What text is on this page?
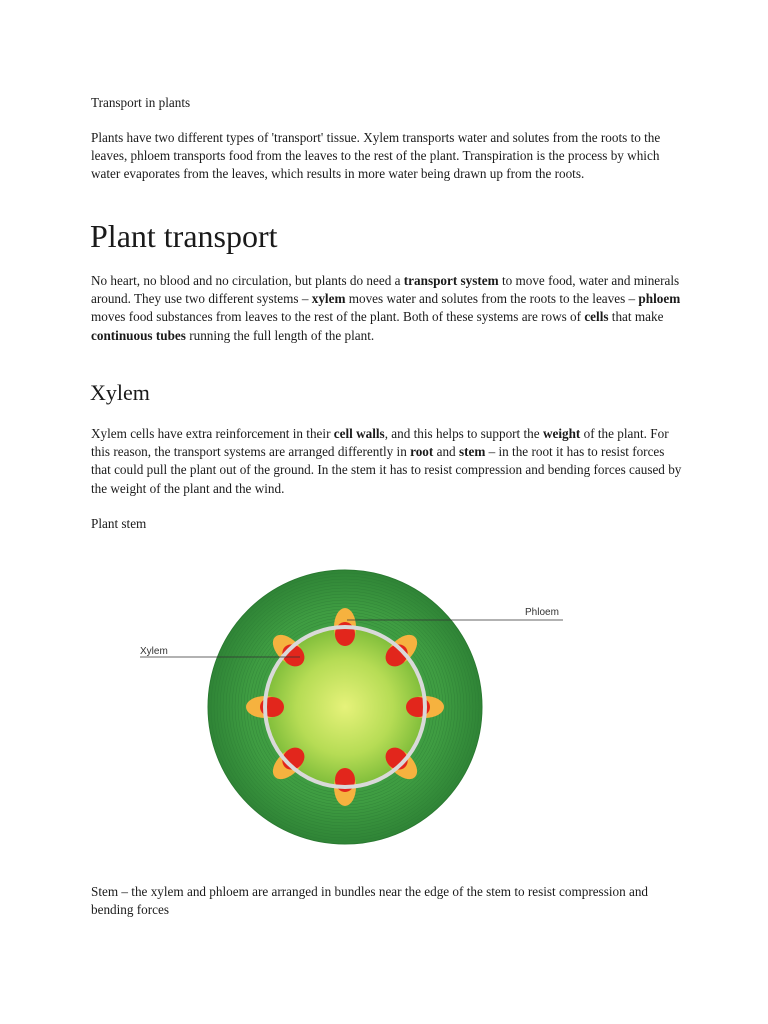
Transport in plants

Plants have two different types of 'transport' tissue. Xylem transports water and solutes from the roots to the leaves, phloem transports food from the leaves to the rest of the plant. Transpiration is the process by which water evaporates from the leaves, which results in more water being drawn up from the roots.

Plant transport

No heart, no blood and no circulation, but plants do need a transport system to move food, water and minerals around. They use two different systems – xylem moves water and solutes from the roots to the leaves – phloem moves food substances from leaves to the rest of the plant. Both of these systems are rows of cells that make continuous tubes running the full length of the plant.

Xylem

Xylem cells have extra reinforcement in their cell walls, and this helps to support the weight of the plant. For this reason, the transport systems are arranged differently in root and stem – in the root it has to resist forces that could pull the plant out of the ground. In the stem it has to resist compression and bending forces caused by the weight of the plant and the wind.

Plant stem

Phloem
Xylem

Stem – the xylem and phloem are arranged in bundles near the edge of the stem to resist compression and bending forces
